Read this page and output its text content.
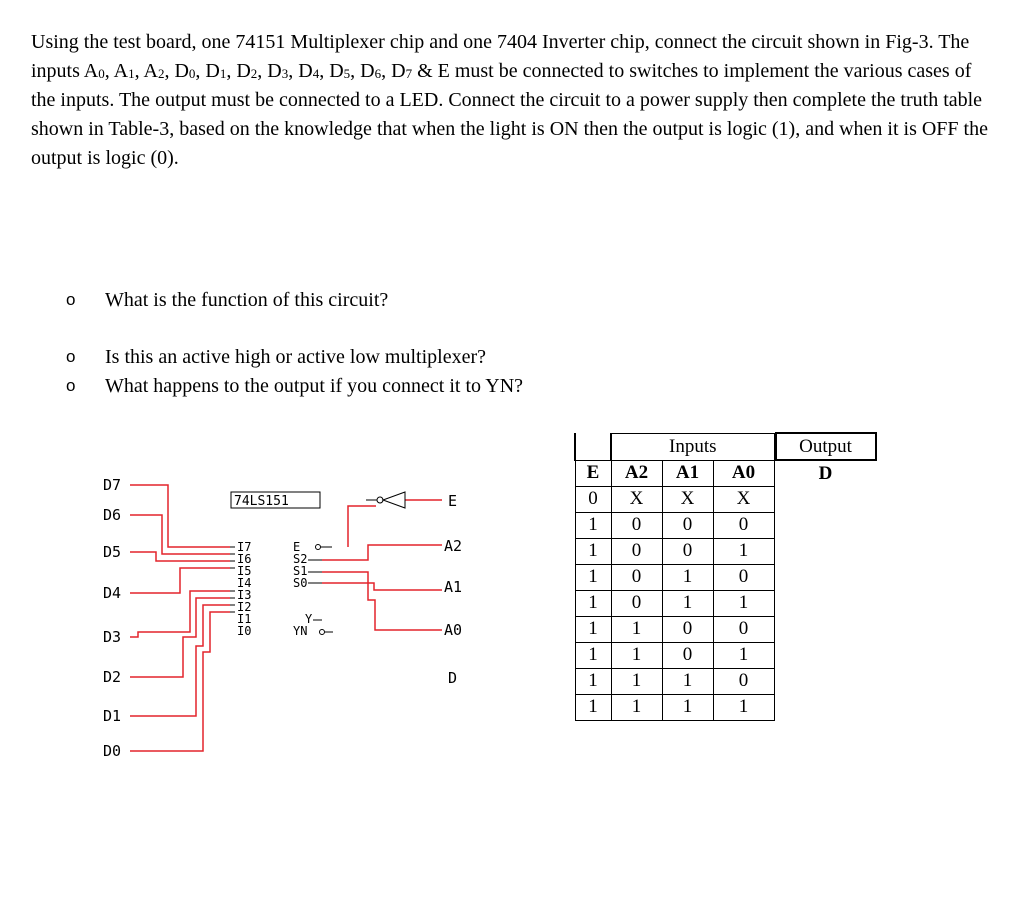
Using the test board, one 74151 Multiplexer chip and one 7404 Inverter chip, connect the circuit shown in Fig-3. The inputs $A_0$, $A_1$, $A_2$, $D_0$, $D_1$, $D_2$, $D_3$, $D_4$, $D_5$, $D_6$, $D_7$ & E must be connected to switches to implement the various cases of the inputs. The output must be connected to a LED. Connect the circuit to a power supply then complete the truth table shown in Table-3, based on the knowledge that when the light is ON then the output is logic (1), and when it is OFF the output is logic (0).

o What is the function of this circuit?
o Is this an active high or active low multiplexer?
o What happens to the output if you connect it to YN?
74LS151
D7
D6
D5
D4
D3
D2
D1
D0
I7
I6
I5
I4
I3
I2
I1
I0
E
S2
S1
S0
Y
YN
E
A2
A1
A0
D
	Inputs				Output
E	A2	A1	A0		D
0	X	X	X		
1	0	0	0		
1	0	0	1		
1	0	1	0		
1	0	1	1		
1	1	0	0		
1	1	0	1		
1	1	1	0		
1	1	1	1		
